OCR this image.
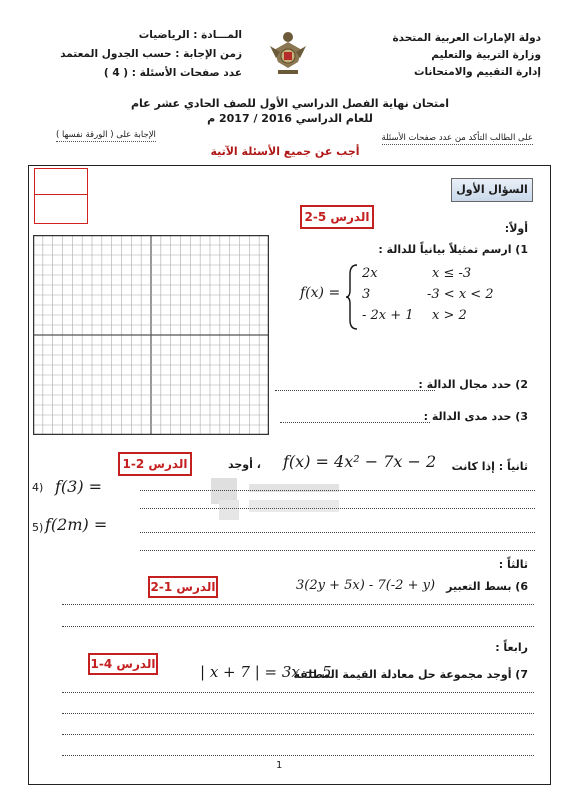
دولة الإمارات العربية المتحدة
وزارة التربية والتعليم
إدارة التقييم والامتحانات
المـــادة : الرياضيات
زمن الإجابة : حسب الجدول المعتمد
عدد صفحات الأسئلة : ( 4 )
امتحان نهاية الفصل الدراسي الأول للصف الحادي عشر عام
للعام الدراسي 2016 / 2017 م
على الطالب التأكد من عدد صفحات الأسئلة
الإجابة على ( الورقة نفسها )
أجب عن جميع الأسئلة الآتية
السؤال الأول
الدرس 5-2
أولاً:
1) ارسم تمثيلاً بيانياً للدالة :
f(x) =
2x	x ≤ -3
3	-3 < x < 2
- 2x + 1 x > 2
2) حدد مجال الدالة :
3) حدد مدى الدالة :
الدرس 2-1	ثانياً : إذا كانت
f(x) = 4x² − 7x − 2
، أوجد
4) f(3) =
5) f(2m) =
ثالثاً :
الدرس 1-2	3(2y + 5x) - 7(-2 + y) 6) بسط التعبير
رابعاً :
الدرس 4-1	| x + 7 | = 3x − 5
7) أوجد مجموعة حل معادلة القيمة المطلقة
1
